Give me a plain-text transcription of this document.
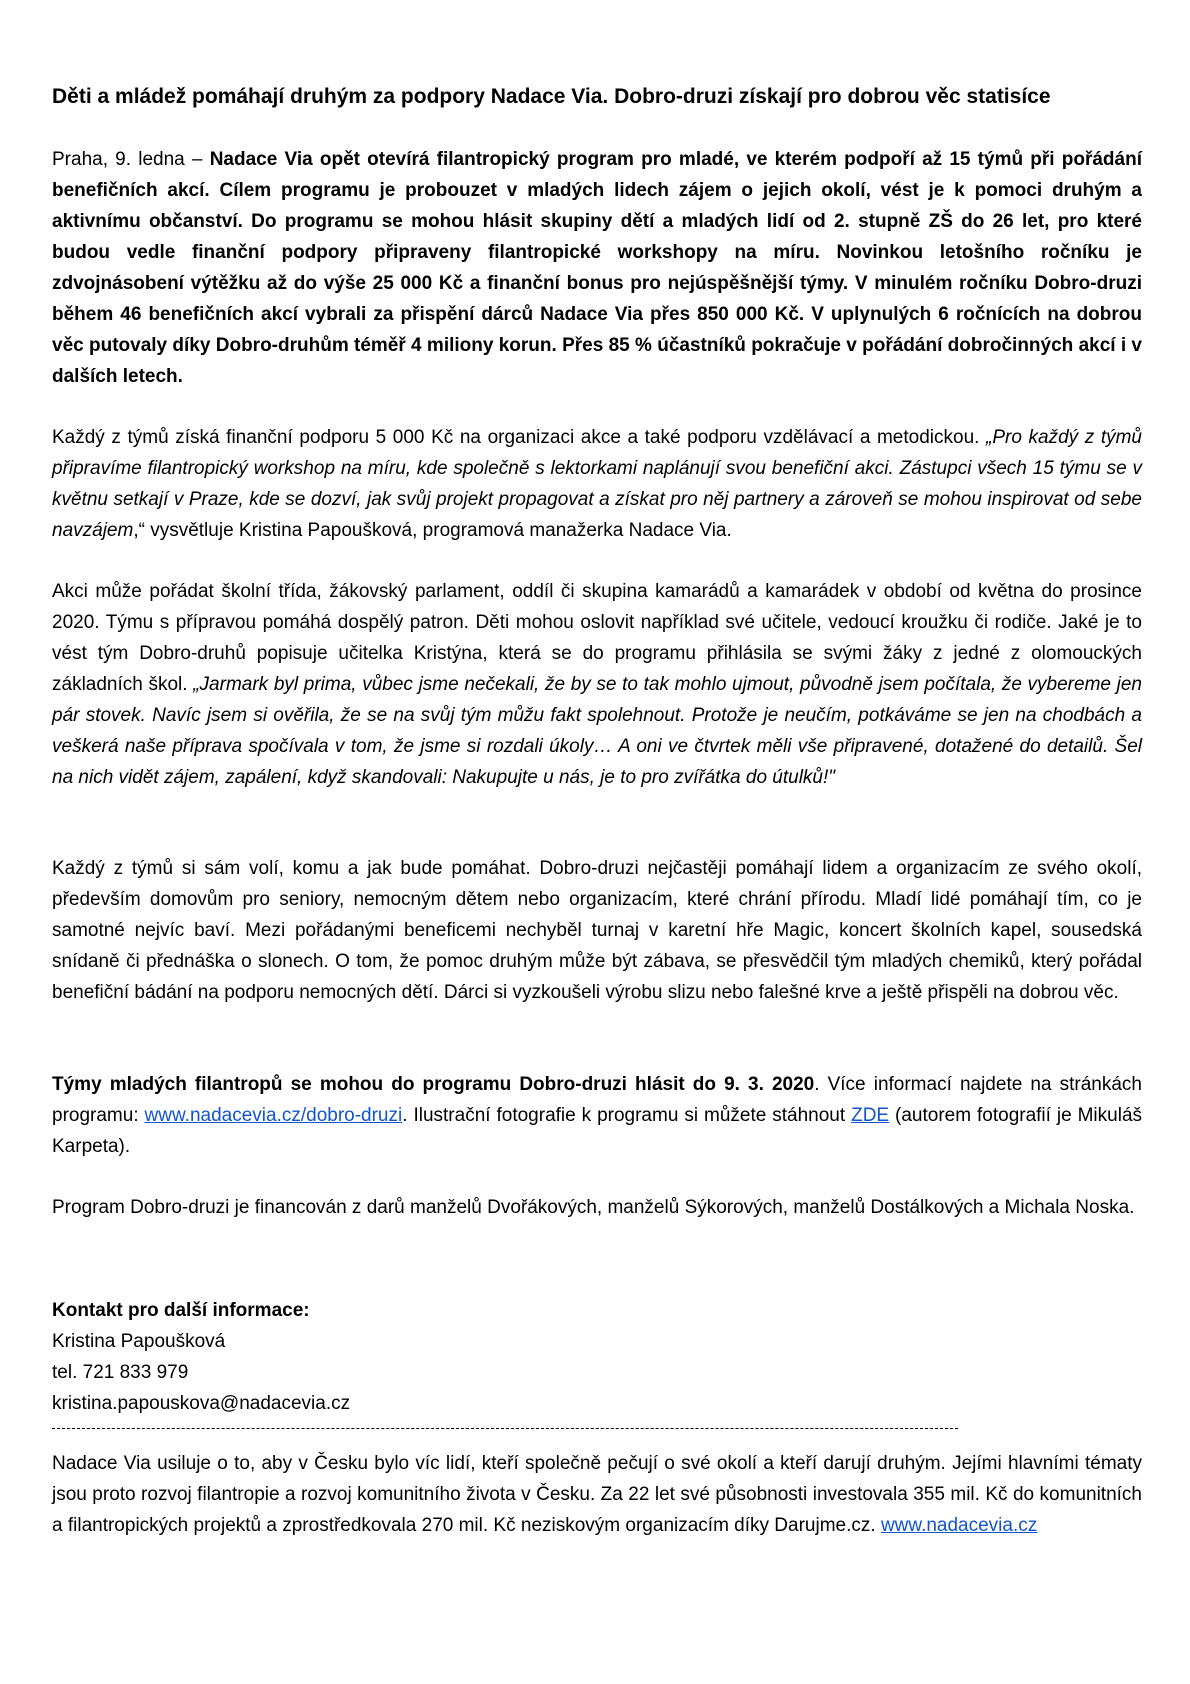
Děti a mládež pomáhají druhým za podpory Nadace Via. Dobro-druzi získají pro dobrou věc statisíce

Praha, 9. ledna – Nadace Via opět otevírá filantropický program pro mladé, ve kterém podpoří až 15 týmů při pořádání benefičních akcí. Cílem programu je probouzet v mladých lidech zájem o jejich okolí, vést je k pomoci druhým a aktivnímu občanství. Do programu se mohou hlásit skupiny dětí a mladých lidí od 2. stupně ZŠ do 26 let, pro které budou vedle finanční podpory připraveny filantropické workshopy na míru. Novinkou letošního ročníku je zdvojnásobení výtěžku až do výše 25 000 Kč a finanční bonus pro nejúspěšnější týmy. V minulém ročníku Dobro-druzi během 46 benefičních akcí vybrali za přispění dárců Nadace Via přes 850 000 Kč. V uplynulých 6 ročnících na dobrou věc putovaly díky Dobro-druhům téměř 4 miliony korun. Přes 85 % účastníků pokračuje v pořádání dobročinných akcí i v dalších letech.

Každý z týmů získá finanční podporu 5 000 Kč na organizaci akce a také podporu vzdělávací a metodickou. „Pro každý z týmů připravíme filantropický workshop na míru, kde společně s lektorkami naplánují svou benefiční akci. Zástupci všech 15 týmu se v květnu setkají v Praze, kde se dozví, jak svůj projekt propagovat a získat pro něj partnery a zároveň se mohou inspirovat od sebe navzájem,“ vysvětluje Kristina Papoušková, programová manažerka Nadace Via.

Akci může pořádat školní třída, žákovský parlament, oddíl či skupina kamarádů a kamarádek v období od května do prosince 2020. Týmu s přípravou pomáhá dospělý patron. Děti mohou oslovit například své učitele, vedoucí kroužku či rodiče. Jaké je to vést tým Dobro-druhů popisuje učitelka Kristýna, která se do programu přihlásila se svými žáky z jedné z olomouckých základních škol. „Jarmark byl prima, vůbec jsme nečekali, že by se to tak mohlo ujmout, původně jsem počítala, že vybereme jen pár stovek. Navíc jsem si ověřila, že se na svůj tým můžu fakt spolehnout. Protože je neučím, potkáváme se jen na chodbách a veškerá naše příprava spočívala v tom, že jsme si rozdali úkoly… A oni ve čtvrtek měli vše připravené, dotažené do detailů. Šel na nich vidět zájem, zapálení, když skandovali: Nakupujte u nás, je to pro zvířátka do útulků!"

Každý z týmů si sám volí, komu a jak bude pomáhat. Dobro-druzi nejčastěji pomáhají lidem a organizacím ze svého okolí, především domovům pro seniory, nemocným dětem nebo organizacím, které chrání přírodu. Mladí lidé pomáhají tím, co je samotné nejvíc baví. Mezi pořádanými beneficemi nechyběl turnaj v karetní hře Magic, koncert školních kapel, sousedská snídaně či přednáška o slonech. O tom, že pomoc druhým může být zábava, se přesvědčil tým mladých chemiků, který pořádal benefiční bádání na podporu nemocných dětí. Dárci si vyzkoušeli výrobu slizu nebo falešné krve a ještě přispěli na dobrou věc.

Týmy mladých filantropů se mohou do programu Dobro-druzi hlásit do 9. 3. 2020. Více informací najdete na stránkách programu: www.nadacevia.cz/dobro-druzi. Ilustrační fotografie k programu si můžete stáhnout ZDE (autorem fotografií je Mikuláš Karpeta).

Program Dobro-druzi je financován z darů manželů Dvořákových, manželů Sýkorových, manželů Dostálkových a Michala Noska.

Kontakt pro další informace:
Kristina Papoušková
tel. 721 833 979
kristina.papouskova@nadacevia.cz

Nadace Via usiluje o to, aby v Česku bylo víc lidí, kteří společně pečují o své okolí a kteří darují druhým. Jejími hlavními tématy jsou proto rozvoj filantropie a rozvoj komunitního života v Česku. Za 22 let své působnosti investovala 355 mil. Kč do komunitních a filantropických projektů a zprostředkovala 270 mil. Kč neziskovým organizacím díky Darujme.cz. www.nadacevia.cz
